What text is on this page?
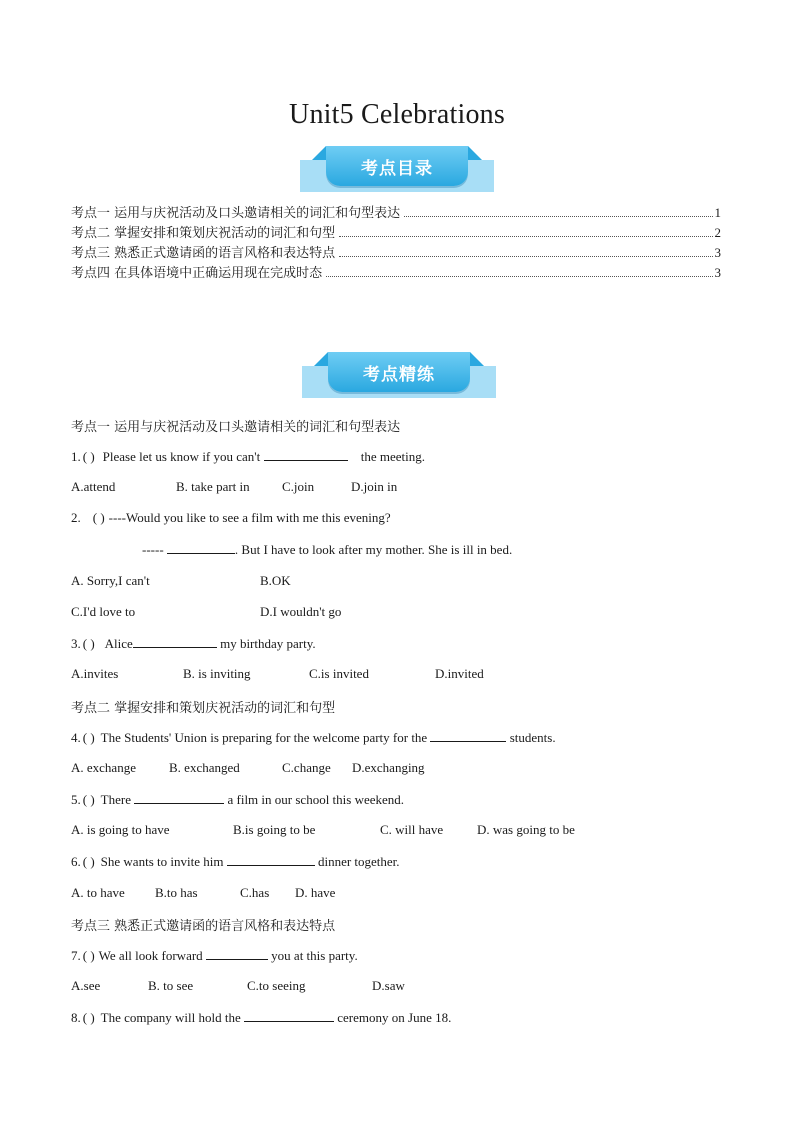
Unit5 Celebrations
考点目录
考点一 运用与庆祝活动及口头邀请相关的词汇和句型表达	1
考点二 掌握安排和策划庆祝活动的词汇和句型	2
考点三 熟悉正式邀请函的语言风格和表达特点	3
考点四 在具体语境中正确运用现在完成时态	3
考点精练
考点一 运用与庆祝活动及口头邀请相关的词汇和句型表达
1. ( ) Please let us know if you can't	the meeting.
A.attend	B. take part in C.join	D.join in
2. ( ) ----Would you like to see a film with me this evening?
-----	. But I have to look after my mother. She is ill in bed.
A. Sorry,I can't	B.OK
C.I'd love to	D.I wouldn't go
3. ( ) Alice	my birthday party.
A.invites	B. is inviting	C.is invited	D.invited
考点二 掌握安排和策划庆祝活动的词汇和句型
4. ( ) The Students' Union is preparing for the welcome party for the	students.
A. exchange	B. exchanged	C.change D.exchanging
5. ( ) There	a film in our school this weekend.
A. is going to have	B.is going to be	C. will have	D. was going to be
6. ( ) She wants to invite him	dinner together.
A. to have B.to has	C.has D. have
考点三 熟悉正式邀请函的语言风格和表达特点
7. ( ) We all look forward	you at this party.
A.see	B. to see	C.to seeing	D.saw
8. ( ) The company will hold the	ceremony on June 18.
